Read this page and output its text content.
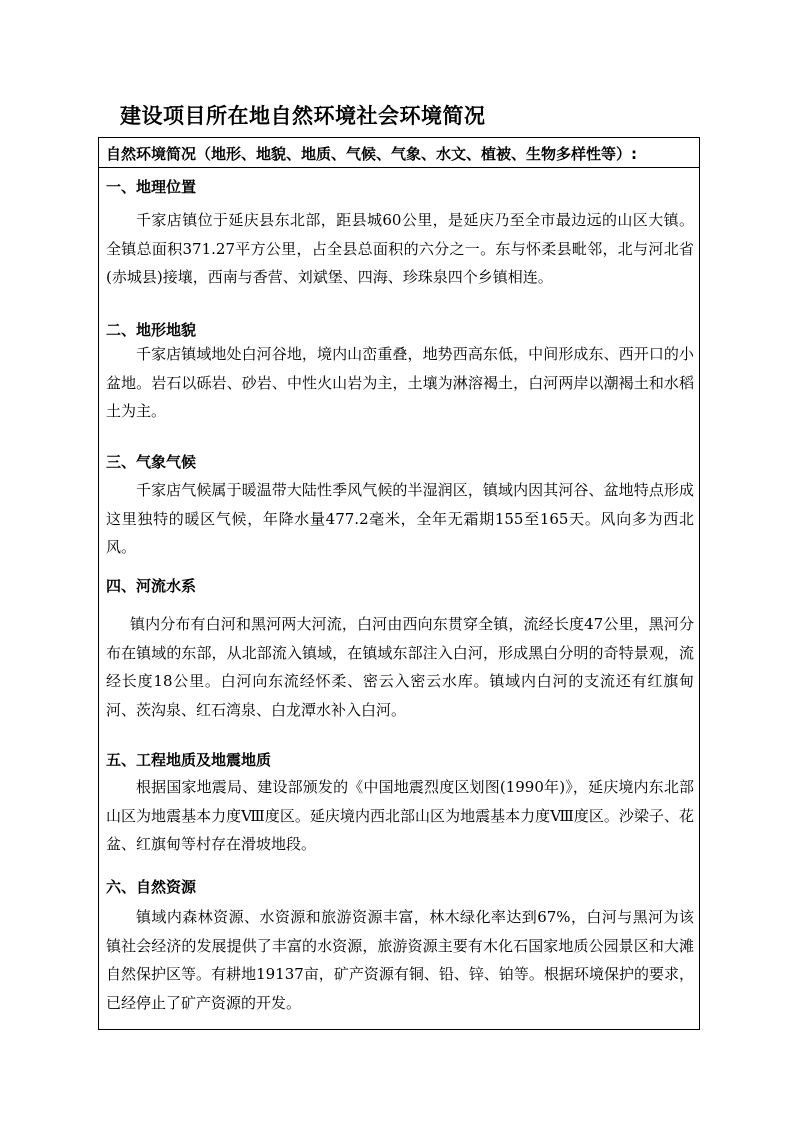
建设项目所在地自然环境社会环境简况
自然环境简况（地形、地貌、地质、气候、气象、水文、植被、生物多样性等）:
一、地理位置

千家店镇位于延庆县东北部，距县城60公里，是延庆乃至全市最边远的山区大镇。全镇总面积371.27平方公里，占全县总面积的六分之一。东与怀柔县毗邻，北与河北省(赤城县)接壤，西南与香营、刘斌堡、四海、珍珠泉四个乡镇相连。

二、地形地貌

千家店镇域地处白河谷地，境内山峦重叠，地势西高东低，中间形成东、西开口的小盆地。岩石以砾岩、砂岩、中性火山岩为主，土壤为淋溶褐土，白河两岸以潮褐土和水稻土为主。

三、气象气候

千家店气候属于暖温带大陆性季风气候的半湿润区，镇域内因其河谷、盆地特点形成这里独特的暖区气候，年降水量477.2毫米，全年无霜期155至165天。风向多为西北风。

四、河流水系

镇内分布有白河和黑河两大河流，白河由西向东贯穿全镇，流经长度47公里，黑河分布在镇域的东部，从北部流入镇域，在镇域东部注入白河，形成黑白分明的奇特景观，流经长度18公里。白河向东流经怀柔、密云入密云水库。镇域内白河的支流还有红旗甸河、茨沟泉、红石湾泉、白龙潭水补入白河。

五、工程地质及地震地质

根据国家地震局、建设部颁发的《中国地震烈度区划图(1990年)》，延庆境内东北部山区为地震基本力度Ⅷ度区。延庆境内西北部山区为地震基本力度Ⅷ度区。沙梁子、花盆、红旗甸等村存在滑坡地段。

六、自然资源

镇域内森林资源、水资源和旅游资源丰富，林木绿化率达到67%，白河与黑河为该镇社会经济的发展提供了丰富的水资源，旅游资源主要有木化石国家地质公园景区和大滩自然保护区等。有耕地19137亩，矿产资源有铜、铅、锌、铂等。根据环境保护的要求，已经停止了矿产资源的开发。
